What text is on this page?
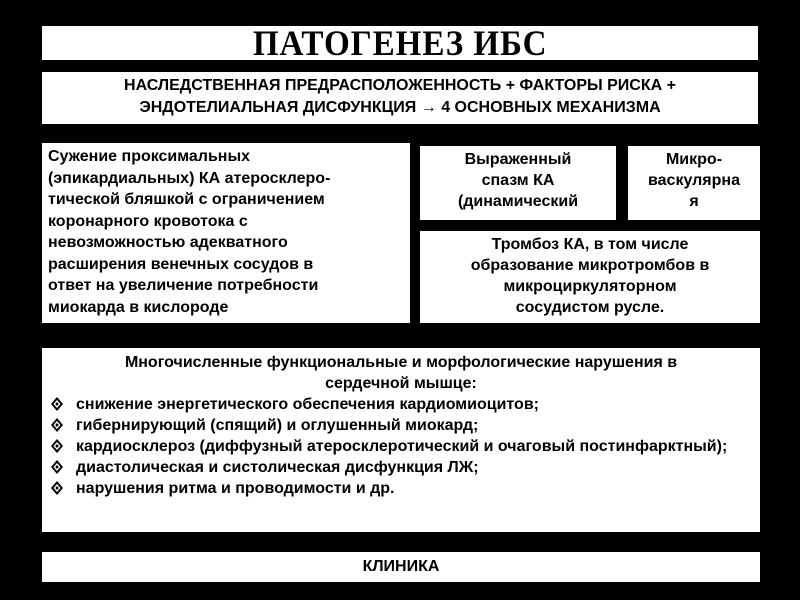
ПАТОГЕНЕЗ ИБС
НАСЛЕДСТВЕННАЯ ПРЕДРАСПОЛОЖЕННОСТЬ + ФАКТОРЫ РИСКА +
ЭНДОТЕЛИАЛЬНАЯ ДИСФУНКЦИЯ → 4 ОСНОВНЫХ МЕХАНИЗМА
Сужение проксимальных
(эпикардиальных) КА атеросклеро-
тической бляшкой с ограничением
коронарного кровотока с
невозможностью адекватного
расширения венечных сосудов в
ответ на увеличение потребности
миокарда в кислороде
Выраженный
спазм КА
(динамический
Микро-
васкулярна
я
Тромбоз КА, в том числе
образование микротромбов в
микроциркуляторном
сосудистом русле.
Многочисленные функциональные и морфологические нарушения в
сердечной мышце:
снижение энергетического обеспечения кардиомиоцитов;
гибернирующий (спящий) и оглушенный миокард;
кардиосклероз (диффузный атеросклеротический и очаговый постинфарктный);
диастолическая и систолическая дисфункция ЛЖ;
нарушения ритма и проводимости и др.
КЛИНИКА
